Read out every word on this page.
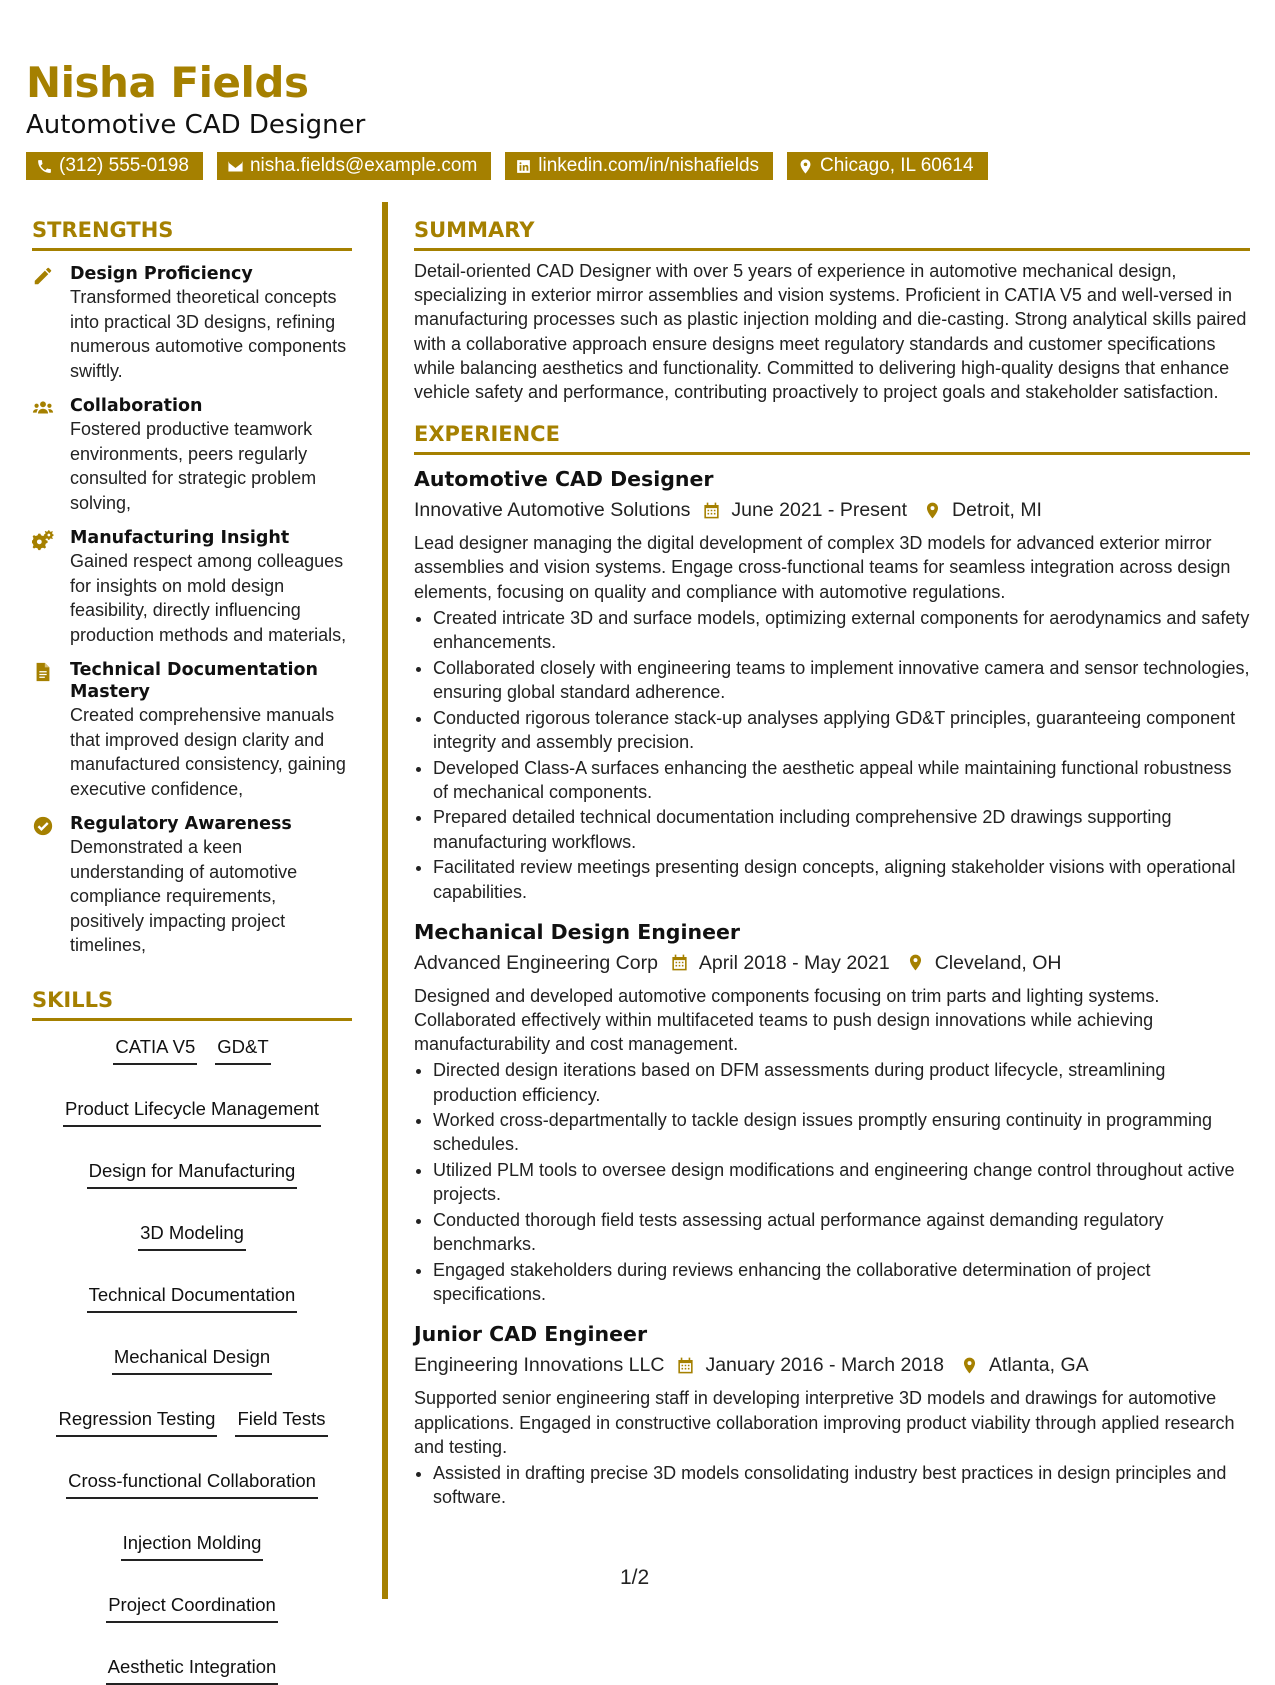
Nisha Fields
Automotive CAD Designer
(312) 555-0198	nisha.fields@example.com	linkedin.com/in/nishafields	Chicago, IL 60614
STRENGTHS
Design Proficiency
Transformed theoretical concepts into practical 3D designs, refining numerous automotive components swiftly.
Collaboration
Fostered productive teamwork environments, peers regularly consulted for strategic problem solving,
Manufacturing Insight
Gained respect among colleagues for insights on mold design feasibility, directly influencing production methods and materials,
Technical Documentation Mastery
Created comprehensive manuals that improved design clarity and manufactured consistency, gaining executive confidence,
Regulatory Awareness
Demonstrated a keen understanding of automotive compliance requirements, positively impacting project timelines,
SKILLS
CATIA V5 GD&T
Product Lifecycle Management
Design for Manufacturing
3D Modeling
Technical Documentation
Mechanical Design
Regression Testing Field Tests
Cross-functional Collaboration
Injection Molding
Project Coordination
Aesthetic Integration
SUMMARY

Detail-oriented CAD Designer with over 5 years of experience in automotive mechanical design, specializing in exterior mirror assemblies and vision systems. Proficient in CATIA V5 and well-versed in manufacturing processes such as plastic injection molding and die-casting. Strong analytical skills paired with a collaborative approach ensure designs meet regulatory standards and customer specifications while balancing aesthetics and functionality. Committed to delivering high-quality designs that enhance vehicle safety and performance, contributing proactively to project goals and stakeholder satisfaction.

EXPERIENCE
Automotive CAD Designer
Innovative Automotive Solutions June 2021 - Present Detroit, MI
Lead designer managing the digital development of complex 3D models for advanced exterior mirror assemblies and vision systems. Engage cross-functional teams for seamless integration across design elements, focusing on quality and compliance with automotive regulations.
• Created intricate 3D and surface models, optimizing external components for aerodynamics and safety enhancements.
• Collaborated closely with engineering teams to implement innovative camera and sensor technologies, ensuring global standard adherence.
• Conducted rigorous tolerance stack-up analyses applying GD&T principles, guaranteeing component integrity and assembly precision.
• Developed Class-A surfaces enhancing the aesthetic appeal while maintaining functional robustness of mechanical components.
• Prepared detailed technical documentation including comprehensive 2D drawings supporting manufacturing workflows.
• Facilitated review meetings presenting design concepts, aligning stakeholder visions with operational capabilities.
Mechanical Design Engineer
Advanced Engineering Corp April 2018 - May 2021 Cleveland, OH
Designed and developed automotive components focusing on trim parts and lighting systems. Collaborated effectively within multifaceted teams to push design innovations while achieving manufacturability and cost management.
• Directed design iterations based on DFM assessments during product lifecycle, streamlining production efficiency.
• Worked cross-departmentally to tackle design issues promptly ensuring continuity in programming schedules.
• Utilized PLM tools to oversee design modifications and engineering change control throughout active projects.
• Conducted thorough field tests assessing actual performance against demanding regulatory benchmarks.
• Engaged stakeholders during reviews enhancing the collaborative determination of project specifications.
Junior CAD Engineer
Engineering Innovations LLC January 2016 - March 2018 Atlanta, GA
Supported senior engineering staff in developing interpretive 3D models and drawings for automotive applications. Engaged in constructive collaboration improving product viability through applied research and testing.
• Assisted in drafting precise 3D models consolidating industry best practices in design principles and software.
1/2
